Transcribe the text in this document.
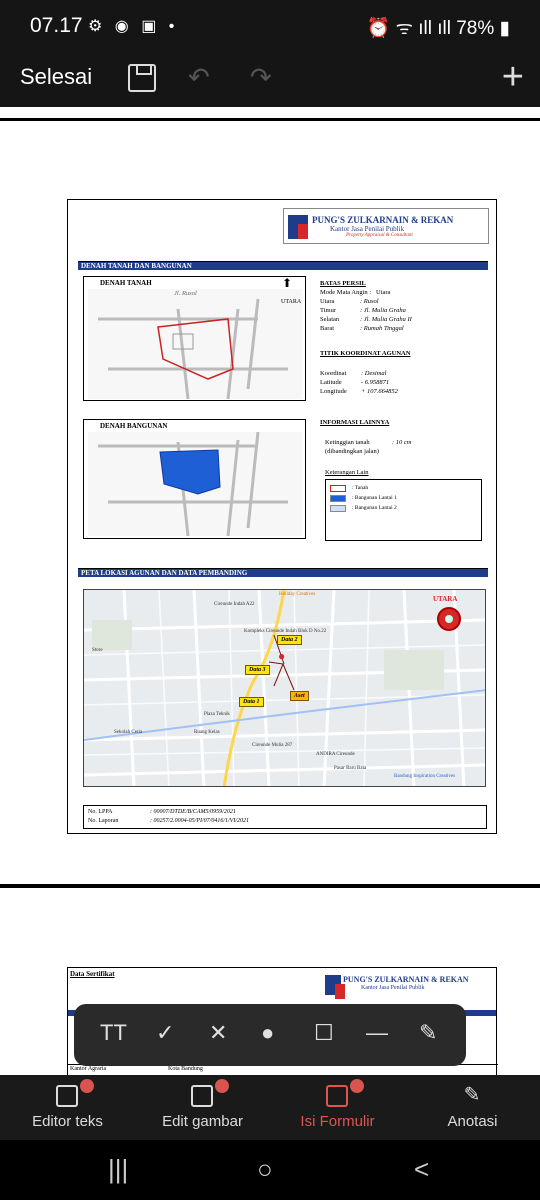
07.17 ⚙ ◉ ▣ •	⏰ ᯤ ıll ıll 78% ▮
Selesai	↶ ↷	+
PUNG'S ZULKARNAIN & REKAN
Kantor Jasa Penilai Publik
Property Appraisal & Consultant
DENAH TANAH DAN BANGUNAN
DENAH TANAH
Jl. Rusol
⬆
UTARA
DENAH BANGUNAN
BATAS PERSIL
Mode Mata Angin : Utara
TITIK KOORDINAT AGUNAN
INFORMASI LAINNYA
Ketinggian tanah
(dibandingkan jalan)
: 10 cm
Keterangan Lain
: Tanah
: Bangunan Lantai 1
: Bangunan Lantai 2
PETA LOKASI AGUNAN DAN DATA PEMBANDING
Data 2
Data 3
Data 1
Aset
●
UTARA
Cireunde Indah A22
Kompleks Cireunde Indah Blok D No.22
Store
Plaza Teknik
Ruang Kelas
Cireunde Mulia 287
ANDIRA Cireunde
Pasar Baru Bata
Bandung Inspiration Creatives
Sekolah Ceria
Holiday Creatives
No. LPPA	: 00007/DTDE/B/CAM5/0959/2021
No. Laporan	: 00257/2.0004-05/PI/07/0416/1/VI/2021
Utara	: Rusol
Timur	: Jl. Mulia Graha
Selatan	: Jl. Mulia Graha II
Barat	: Rumah Tinggal
Koordinat : Desimal
Latitude	- 6.958871
Longitude + 107.664852
Data Sertifikat
PUNG'S ZULKARNAIN & REKAN
Kantor Jasa Penilai Publik
Kantor Agraria	Kota Bandung
TT ✓ ✕ ● ☐ — ✎
Editor teks	Edit gambar	Isi Formulir
✎
Anotasi
|||	○	<
